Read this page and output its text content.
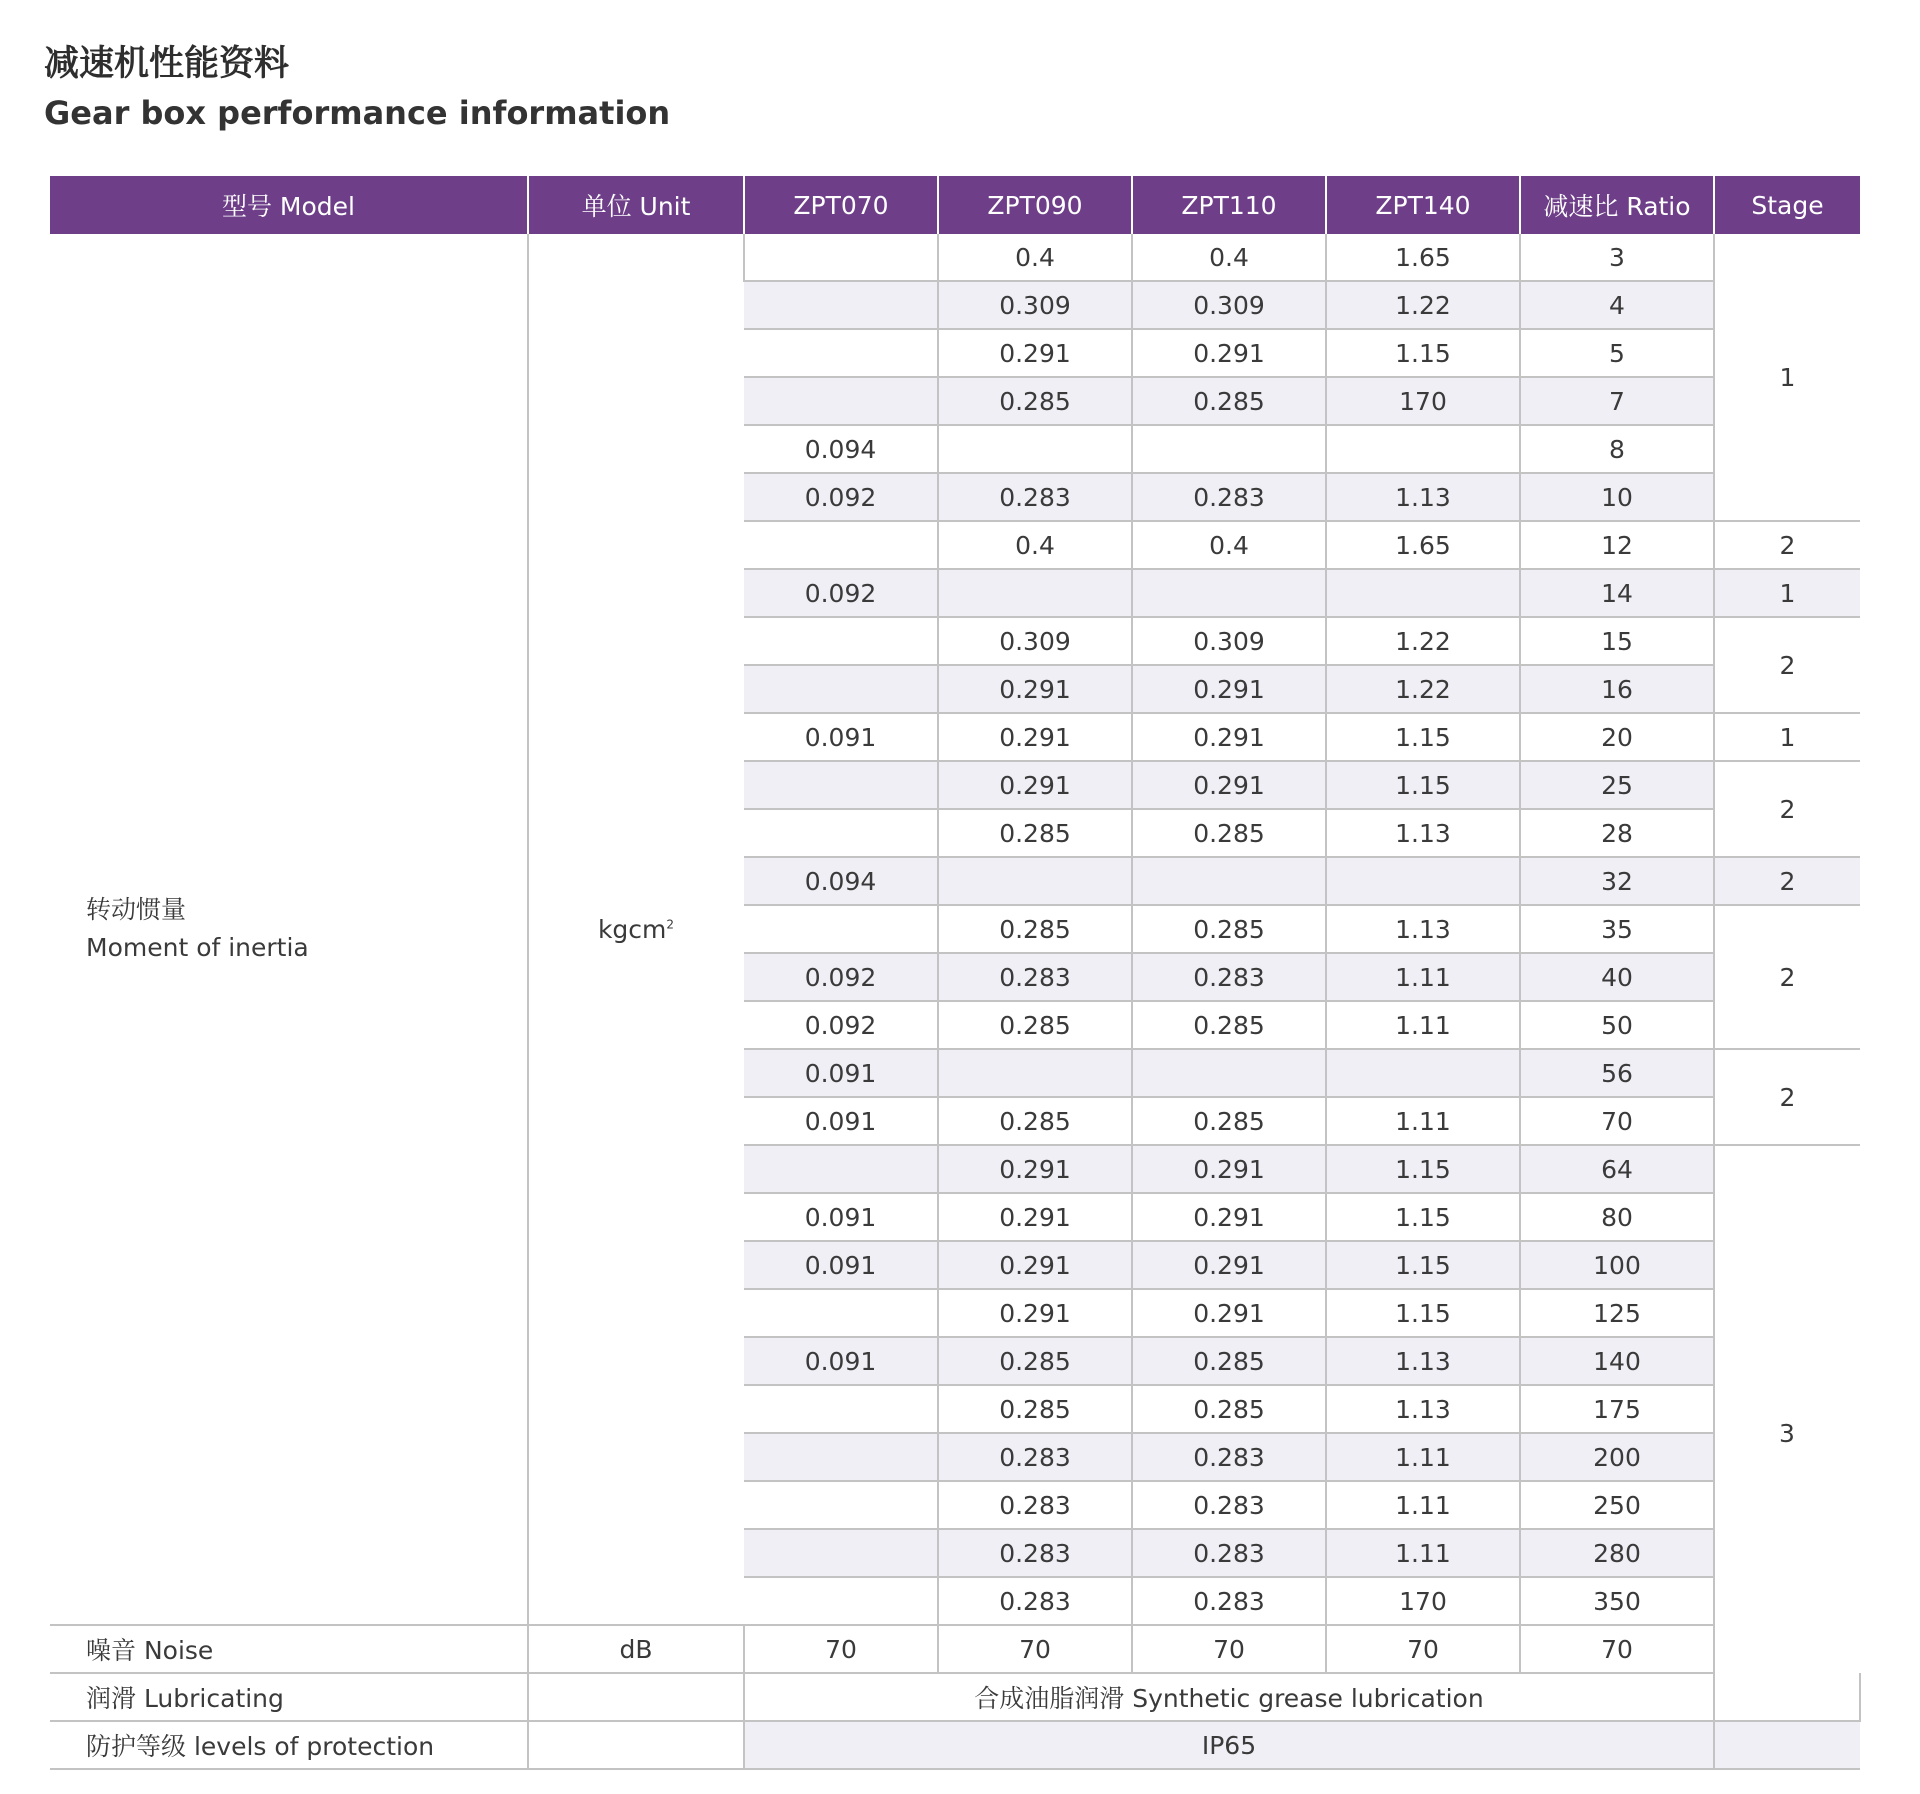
减速机性能资料
Gear box performance information
型号 Model	单位 Unit	ZPT070	ZPT090	ZPT110	ZPT140	减速比 Ratio	Stage	
转动惯量
Moment of inertia	kgcm$^2$		0.4	0.4	1.65	3	1	
			0.309	0.309	1.22	4		
			0.291	0.291	1.15	5		
			0.285	0.285	170	7		
		0.094				8		
		0.092	0.283	0.283	1.13	10		
			0.4	0.4	1.65	12	2	
		0.092				14	1	
			0.309	0.309	1.22	15	2	
			0.291	0.291	1.22	16		
		0.091	0.291	0.291	1.15	20	1	
			0.291	0.291	1.15	25	2	
			0.285	0.285	1.13	28		
		0.094				32	2	
			0.285	0.285	1.13	35	2	
		0.092	0.283	0.283	1.11	40		
		0.092	0.285	0.285	1.11	50		
		0.091				56	2	
		0.091	0.285	0.285	1.11	70		
			0.291	0.291	1.15	64	3	
		0.091	0.291	0.291	1.15	80		
		0.091	0.291	0.291	1.15	100		
			0.291	0.291	1.15	125		
		0.091	0.285	0.285	1.13	140		
			0.285	0.285	1.13	175		
			0.283	0.283	1.11	200		
			0.283	0.283	1.11	250		
			0.283	0.283	1.11	280		
			0.283	0.283	170	350		
噪音 Noise	dB	70	70	70	70	70		
润滑 Lubricating		合成油脂润滑 Synthetic grease lubrication						
防护等级 levels of protection		IP65						
